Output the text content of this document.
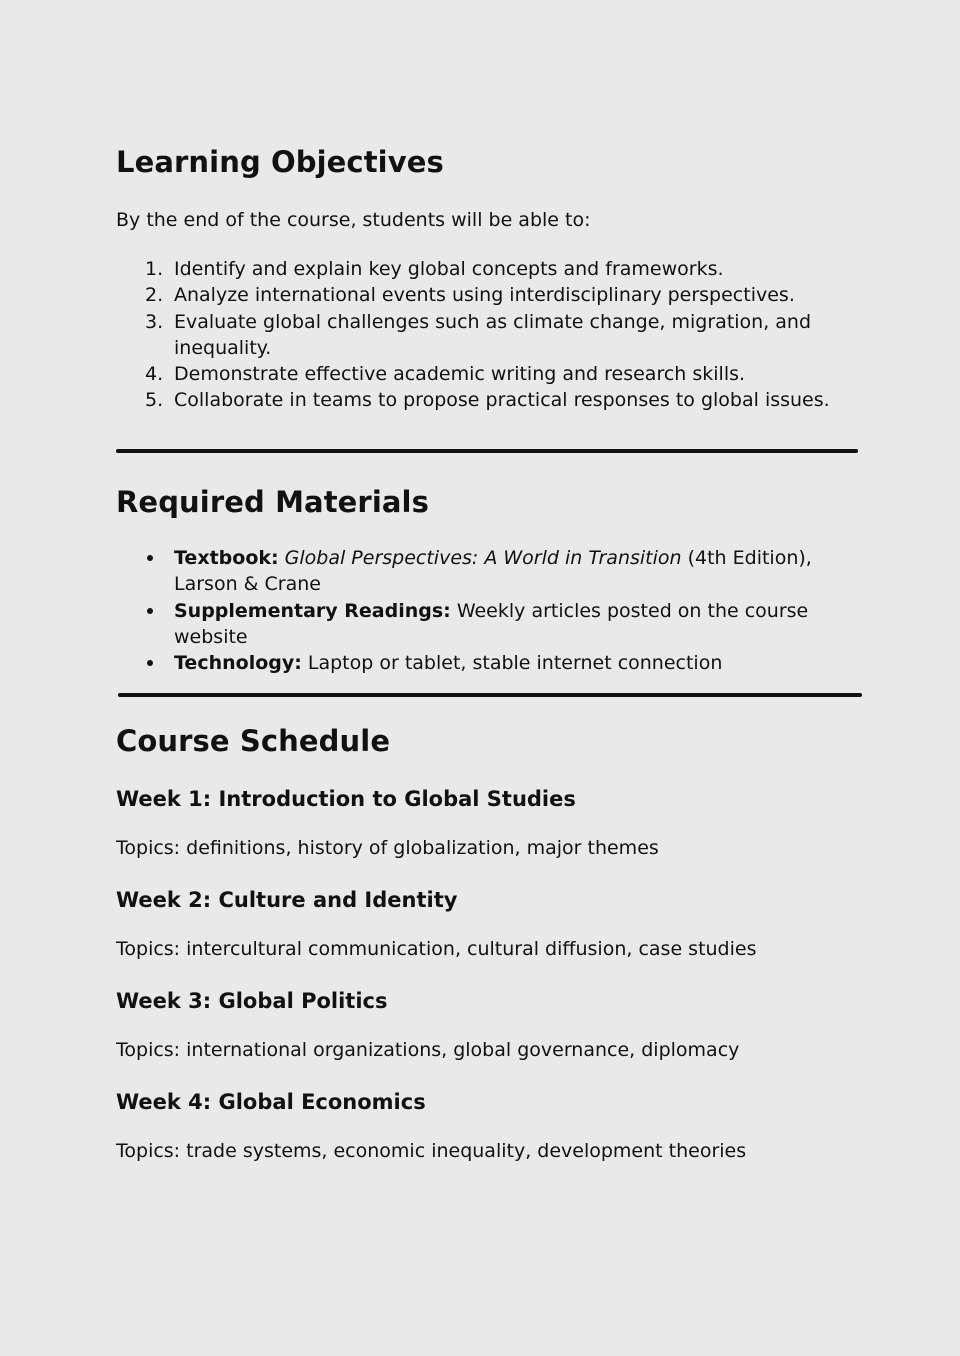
Learning Objectives

By the end of the course, students will be able to:

1. Identify and explain key global concepts and frameworks.
2. Analyze international events using interdisciplinary perspectives.
3. Evaluate global challenges such as climate change, migration, and inequality.
4. Demonstrate effective academic writing and research skills.
5. Collaborate in teams to propose practical responses to global issues.
Required Materials
Textbook: Global Perspectives: A World in Transition (4th Edition), Larson & Crane
Supplementary Readings: Weekly articles posted on the course website
Technology: Laptop or tablet, stable internet connection
Course Schedule
Week 1: Introduction to Global Studies

Topics: definitions, history of globalization, major themes

Week 2: Culture and Identity

Topics: intercultural communication, cultural diffusion, case studies

Week 3: Global Politics

Topics: international organizations, global governance, diplomacy

Week 4: Global Economics

Topics: trade systems, economic inequality, development theories
